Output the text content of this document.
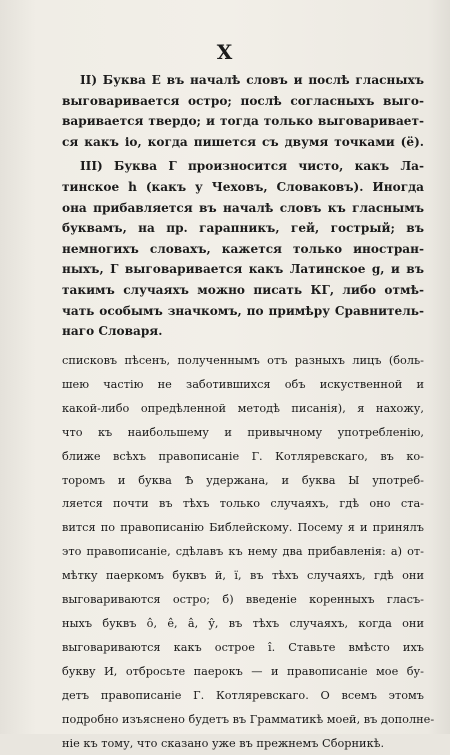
X
II) Буква Е въ началѣ словъ и послѣ гласныхъ
выговаривается остро; послѣ согласныхъ выго-
варивается твердо; и тогда только выговаривает-
ся какъ іо, когда пишется съ двумя точками (ё).
III) Буква Г произносится чисто, какъ Ла-
тинское h (какъ у Чеховъ, Словаковъ). Иногда
она прибавляется въ началѣ словъ къ гласнымъ
буквамъ, на пр. гарапникъ, гей, гострый; въ
немногихъ словахъ, кажется только иностран-
ныхъ, Г выговаривается какъ Латинское g, и въ
такимъ случаяхъ можно писать КГ, либо отмѣ-
чать особымъ значкомъ, по примѣру Сравнитель-
наго Словаря.
списковъ пѣсенъ, полученнымъ отъ разныхъ лицъ (боль-
шею частію не заботившихся объ искуственной и
какой-либо опредѣленной методѣ писанія), я нахожу,
что къ наибольшему и привычному употребленію,
ближе всѣхъ правописаніе Г. Котляревскаго, въ ко-
торомъ и буква Ѣ удержана, и буква Ы употреб-
ляется почти въ тѣхъ только случаяхъ, гдѣ оно ста-
вится по правописанію Библейскому. Посему я и принялъ
это правописаніе, сдѣлавъ къ нему два прибавленія: а) от-
мѣтку паеркомъ буквъ й, ї, въ тѣхъ случаяхъ, гдѣ они
выговариваются остро; б) введеніе коренныхъ гласъ-
ныхъ буквъ ô, ê, â, ŷ, въ тѣхъ случаяхъ, когда они
выговариваются какъ острое î. Ставьте вмѣсто ихъ
букву И, отбросьте паерокъ — и правописаніе мое бу-
детъ правописаніе Г. Котляревскаго. О всемъ этомъ
подробно изъяснено будетъ въ Грамматикѣ моей, въ дополне-
ніе къ тому, что сказано уже въ прежнемъ Сборникѣ.
